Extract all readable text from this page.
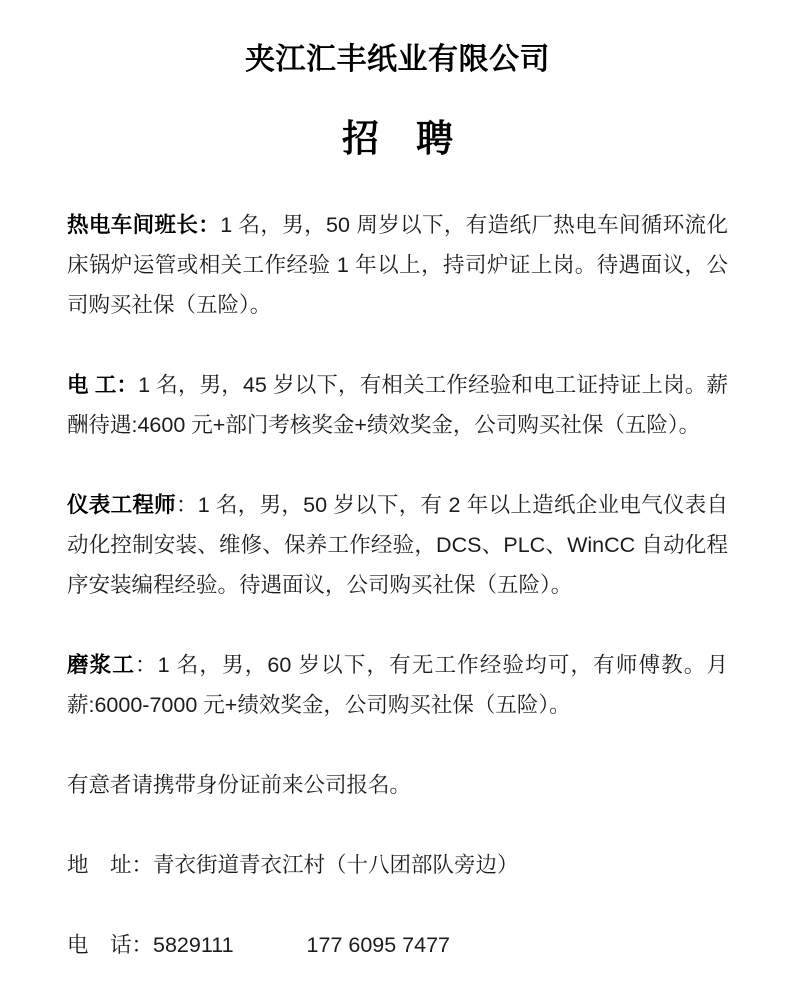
夹江汇丰纸业有限公司
招　聘

热电车间班长：1 名，男，50 周岁以下，有造纸厂热电车间循环流化床锅炉运管或相关工作经验 1 年以上，持司炉证上岗。待遇面议，公司购买社保（五险）。

电 工：1 名，男，45 岁以下，有相关工作经验和电工证持证上岗。薪酬待遇:4600 元+部门考核奖金+绩效奖金，公司购买社保（五险）。

仪表工程师：1 名，男，50 岁以下，有 2 年以上造纸企业电气仪表自动化控制安装、维修、保养工作经验，DCS、PLC、WinCC 自动化程序安装编程经验。待遇面议，公司购买社保（五险）。

磨浆工：1 名，男，60 岁以下，有无工作经验均可，有师傅教。月薪:6000-7000 元+绩效奖金，公司购买社保（五险）。

有意者请携带身份证前来公司报名。

地　址：青衣街道青衣江村（十八团部队旁边）

电　话：5829111	177 6095 7477
